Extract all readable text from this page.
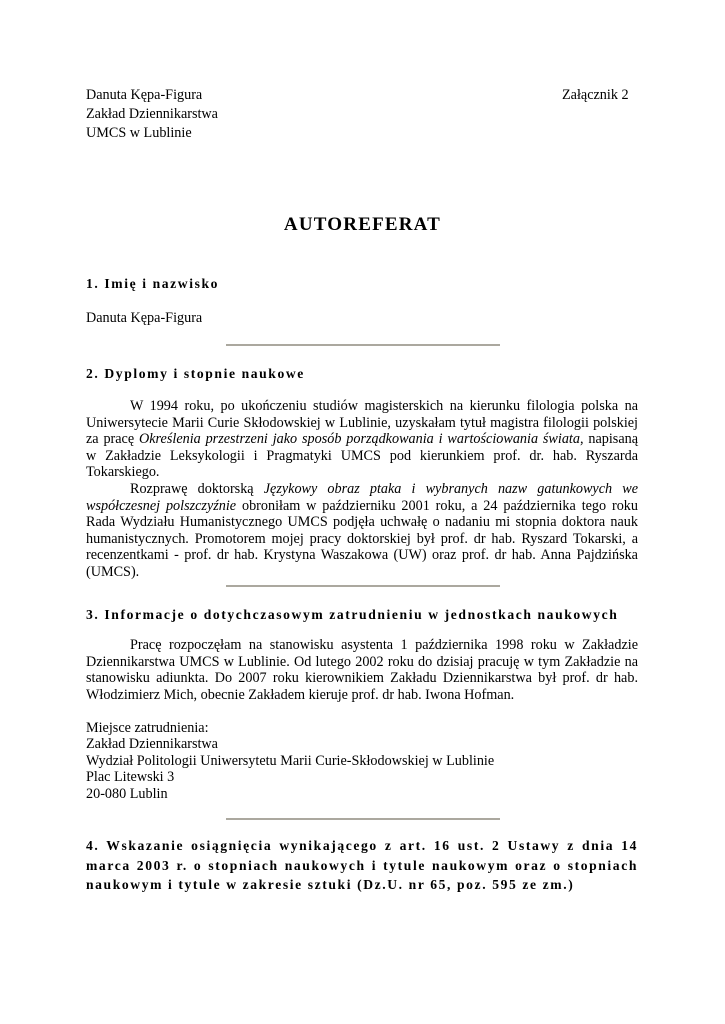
Danuta Kępa-Figura
Zakład Dziennikarstwa
UMCS w Lublinie
Załącznik 2
AUTOREFERAT
1. Imię i nazwisko
Danuta Kępa-Figura
2. Dyplomy i stopnie naukowe
W 1994 roku, po ukończeniu studiów magisterskich na kierunku filologia polska na Uniwersytecie Marii Curie Skłodowskiej w Lublinie, uzyskałam tytuł magistra filologii polskiej za pracę Określenia przestrzeni jako sposób porządkowania i wartościowania świata, napisaną w Zakładzie Leksykologii i Pragmatyki UMCS pod kierunkiem prof. dr. hab. Ryszarda Tokarskiego.
Rozprawę doktorską Językowy obraz ptaka i wybranych nazw gatunkowych we współczesnej polszczyźnie obroniłam w październiku 2001 roku, a 24 października tego roku Rada Wydziału Humanistycznego UMCS podjęła uchwałę o nadaniu mi stopnia doktora nauk humanistycznych. Promotorem mojej pracy doktorskiej był prof. dr hab. Ryszard Tokarski, a recenzentkami - prof. dr hab. Krystyna Waszakowa (UW) oraz prof. dr hab. Anna Pajdzińska (UMCS).
3. Informacje o dotychczasowym zatrudnieniu w jednostkach naukowych
Pracę rozpoczęłam na stanowisku asystenta 1 października 1998 roku w Zakładzie Dziennikarstwa UMCS w Lublinie. Od lutego 2002 roku do dzisiaj pracuję w tym Zakładzie na stanowisku adiunkta. Do 2007 roku kierownikiem Zakładu Dziennikarstwa był prof. dr hab. Włodzimierz Mich, obecnie Zakładem kieruje prof. dr hab. Iwona Hofman.
Miejsce zatrudnienia:
Zakład Dziennikarstwa
Wydział Politologii Uniwersytetu Marii Curie-Skłodowskiej w Lublinie
Plac Litewski 3
20-080 Lublin
4. Wskazanie osiągnięcia wynikającego z art. 16 ust. 2 Ustawy z dnia 14 marca 2003 r. o stopniach naukowych i tytule naukowym oraz o stopniach naukowym i tytule w zakresie sztuki (Dz.U. nr 65, poz. 595 ze zm.)
